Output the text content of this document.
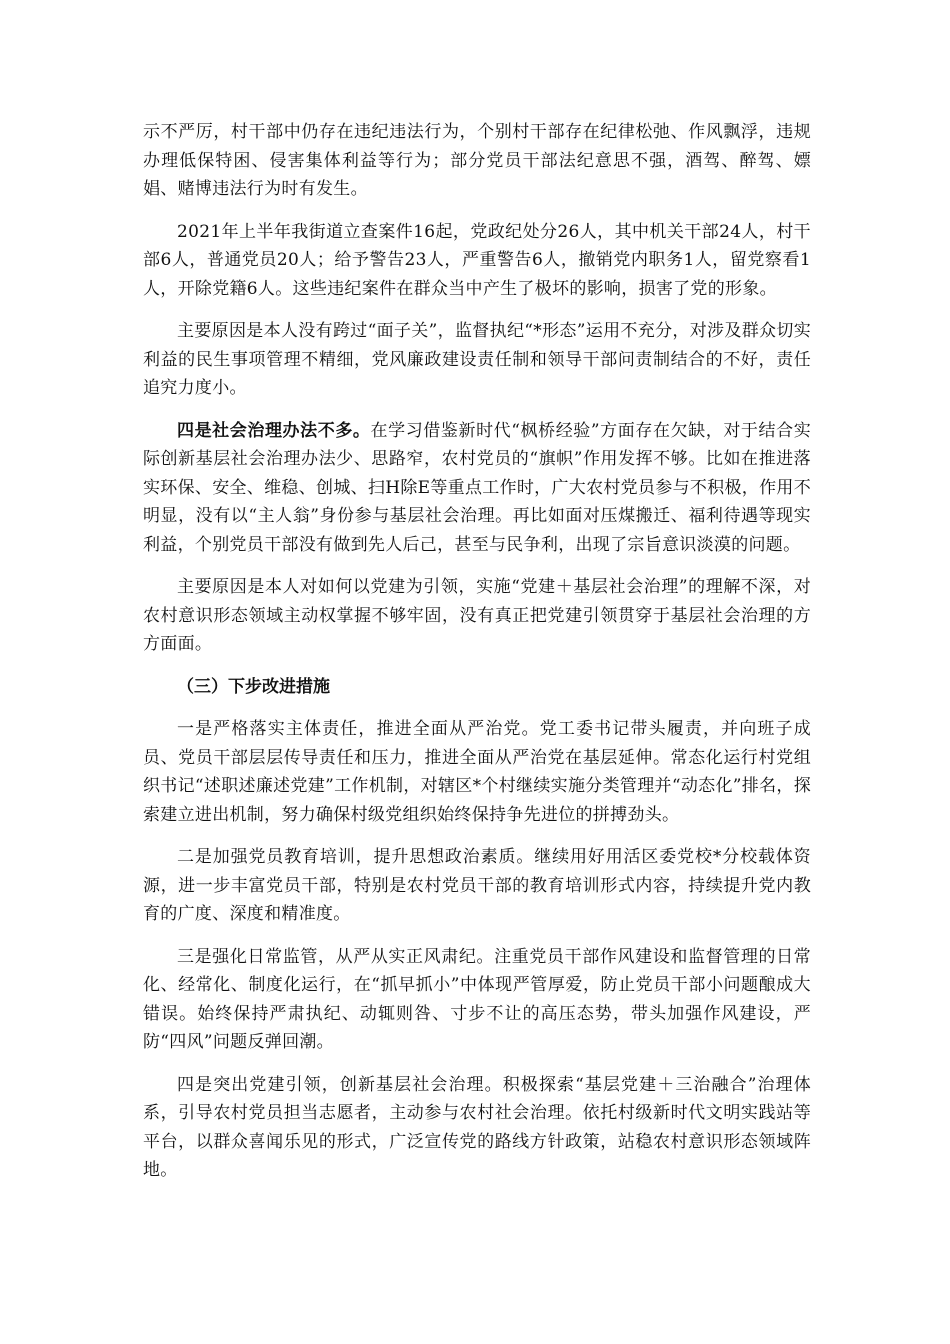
示不严厉，村干部中仍存在违纪违法行为，个别村干部存在纪律松弛、作风飘浮，违规办理低保特困、侵害集体利益等行为；部分党员干部法纪意思不强，酒驾、醉驾、嫖娼、赌博违法行为时有发生。

2021年上半年我街道立查案件16起，党政纪处分26人，其中机关干部24人，村干部6人，普通党员20人；给予警告23人，严重警告6人，撤销党内职务1人，留党察看1人，开除党籍6人。这些违纪案件在群众当中产生了极坏的影响，损害了党的形象。

主要原因是本人没有跨过“面子关”，监督执纪“*形态”运用不充分，对涉及群众切实利益的民生事项管理不精细，党风廉政建设责任制和领导干部问责制结合的不好，责任追究力度小。

四是社会治理办法不多。在学习借鉴新时代“枫桥经验”方面存在欠缺，对于结合实际创新基层社会治理办法少、思路窄，农村党员的“旗帜”作用发挥不够。比如在推进落实环保、安全、维稳、创城、扫H除E等重点工作时，广大农村党员参与不积极，作用不明显，没有以“主人翁”身份参与基层社会治理。再比如面对压煤搬迁、福利待遇等现实利益，个别党员干部没有做到先人后己，甚至与民争利，出现了宗旨意识淡漠的问题。

主要原因是本人对如何以党建为引领，实施“党建＋基层社会治理”的理解不深，对农村意识形态领域主动权掌握不够牢固，没有真正把党建引领贯穿于基层社会治理的方方面面。

（三）下步改进措施

一是严格落实主体责任，推进全面从严治党。党工委书记带头履责，并向班子成员、党员干部层层传导责任和压力，推进全面从严治党在基层延伸。常态化运行村党组织书记“述职述廉述党建”工作机制，对辖区*个村继续实施分类管理并“动态化”排名，探索建立进出机制，努力确保村级党组织始终保持争先进位的拼搏劲头。

二是加强党员教育培训，提升思想政治素质。继续用好用活区委党校*分校载体资源，进一步丰富党员干部，特别是农村党员干部的教育培训形式内容，持续提升党内教育的广度、深度和精准度。

三是强化日常监管，从严从实正风肃纪。注重党员干部作风建设和监督管理的日常化、经常化、制度化运行，在“抓早抓小”中体现严管厚爱，防止党员干部小问题酿成大错误。始终保持严肃执纪、动辄则咎、寸步不让的高压态势，带头加强作风建设，严防“四风”问题反弹回潮。

四是突出党建引领，创新基层社会治理。积极探索“基层党建＋三治融合”治理体系，引导农村党员担当志愿者，主动参与农村社会治理。依托村级新时代文明实践站等平台，以群众喜闻乐见的形式，广泛宣传党的路线方针政策，站稳农村意识形态领域阵地。
